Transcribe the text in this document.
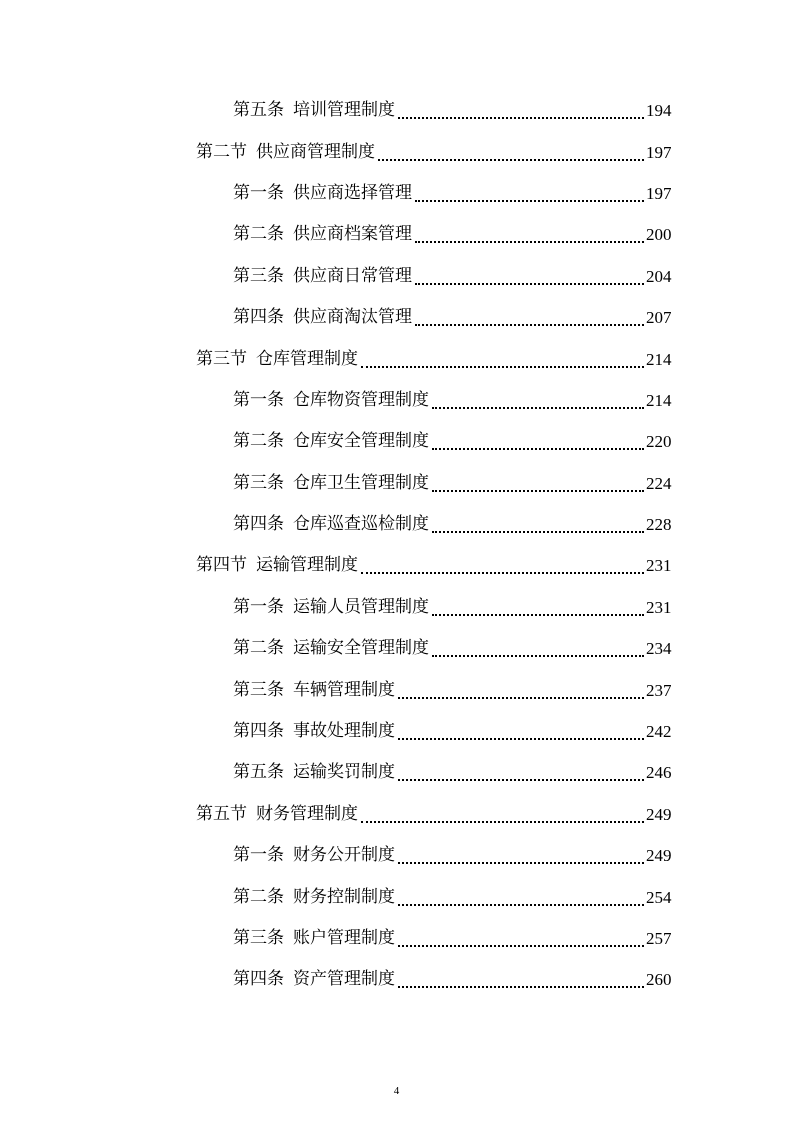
第五条 培训管理制度	194
第二节 供应商管理制度	197
第一条 供应商选择管理	197
第二条 供应商档案管理	200
第三条 供应商日常管理	204
第四条 供应商淘汰管理	207
第三节 仓库管理制度	214
第一条 仓库物资管理制度	214
第二条 仓库安全管理制度	220
第三条 仓库卫生管理制度	224
第四条 仓库巡查巡检制度	228
第四节 运输管理制度	231
第一条 运输人员管理制度	231
第二条 运输安全管理制度	234
第三条 车辆管理制度	237
第四条 事故处理制度	242
第五条 运输奖罚制度	246
第五节 财务管理制度	249
第一条 财务公开制度	249
第二条 财务控制制度	254
第三条 账户管理制度	257
第四条 资产管理制度	260
4
